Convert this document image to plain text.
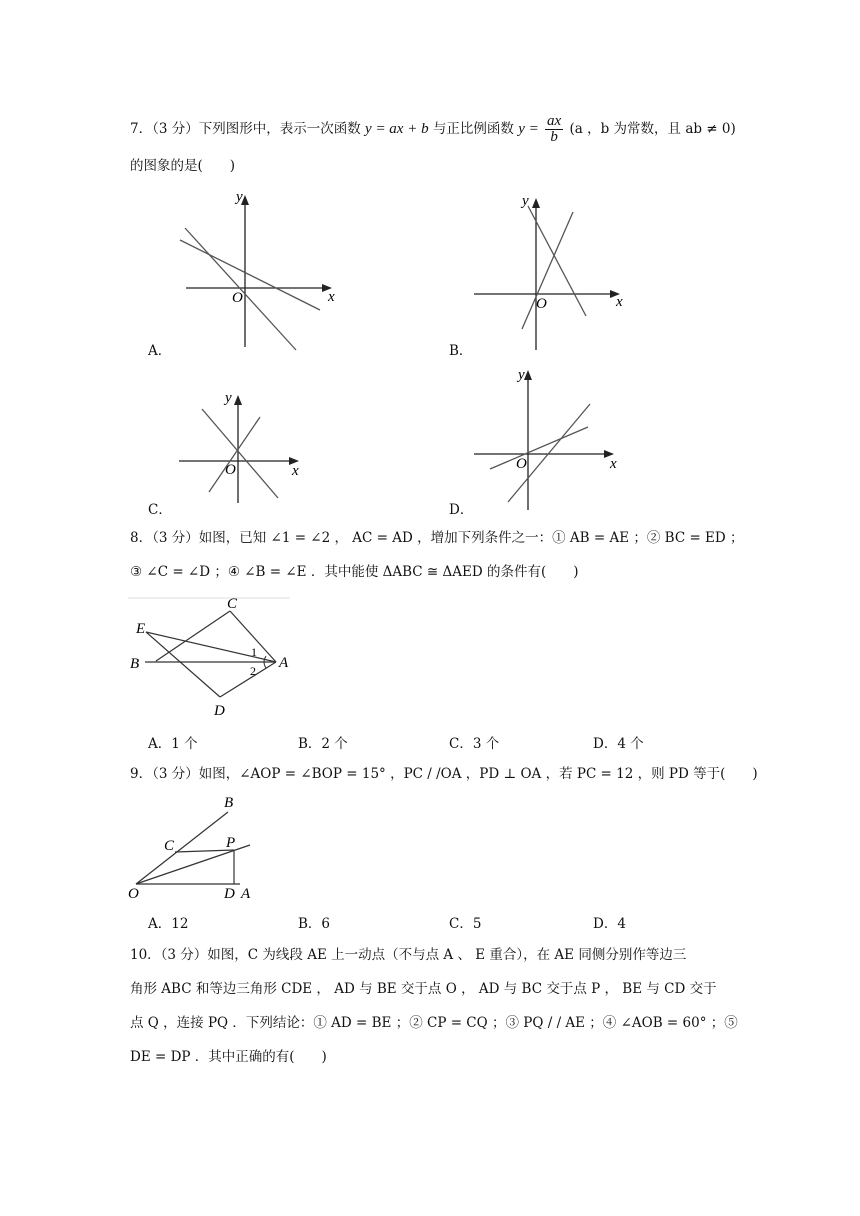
7．（3 分）下列图形中，表示一次函数 y = ax + b 与正比例函数 $y = \frac{ax}{b} (a$ ，b 为常数，且 ab ≠ 0)
的图象的是(　　)
y
x
O
A．
y
x
O
B．
y
x
O
C．
y
x
O
D．
8．（3 分）如图，已知 ∠1 = ∠2 ， AC = AD ，增加下列条件之一：① AB = AE ；② BC = ED ；
③ ∠C = ∠D ；④ ∠B = ∠E ．其中能使 ΔABC ≅ ΔAED 的条件有(　　)
C
E
B	A
D
1
2
A．1 个	B．2 个	C．3 个	D．4 个
9．（3 分）如图，∠AOP = ∠BOP = 15° ，PC / /OA ，PD ⊥ OA ，若 PC = 12 ，则 PD 等于(　　)
B
C	P
O	D A
A．12	B．6	C．5	D．4
10．（3 分）如图，C 为线段 AE 上一动点（不与点 A 、 E 重合），在 AE 同侧分别作等边三
角形 ABC 和等边三角形 CDE ， AD 与 BE 交于点 O ， AD 与 BC 交于点 P ， BE 与 CD 交于
点 Q ，连接 PQ ．下列结论：① AD = BE ；② CP = CQ ；③ PQ / / AE ；④ ∠AOB = 60° ；⑤
DE = DP ．其中正确的有(　　)
